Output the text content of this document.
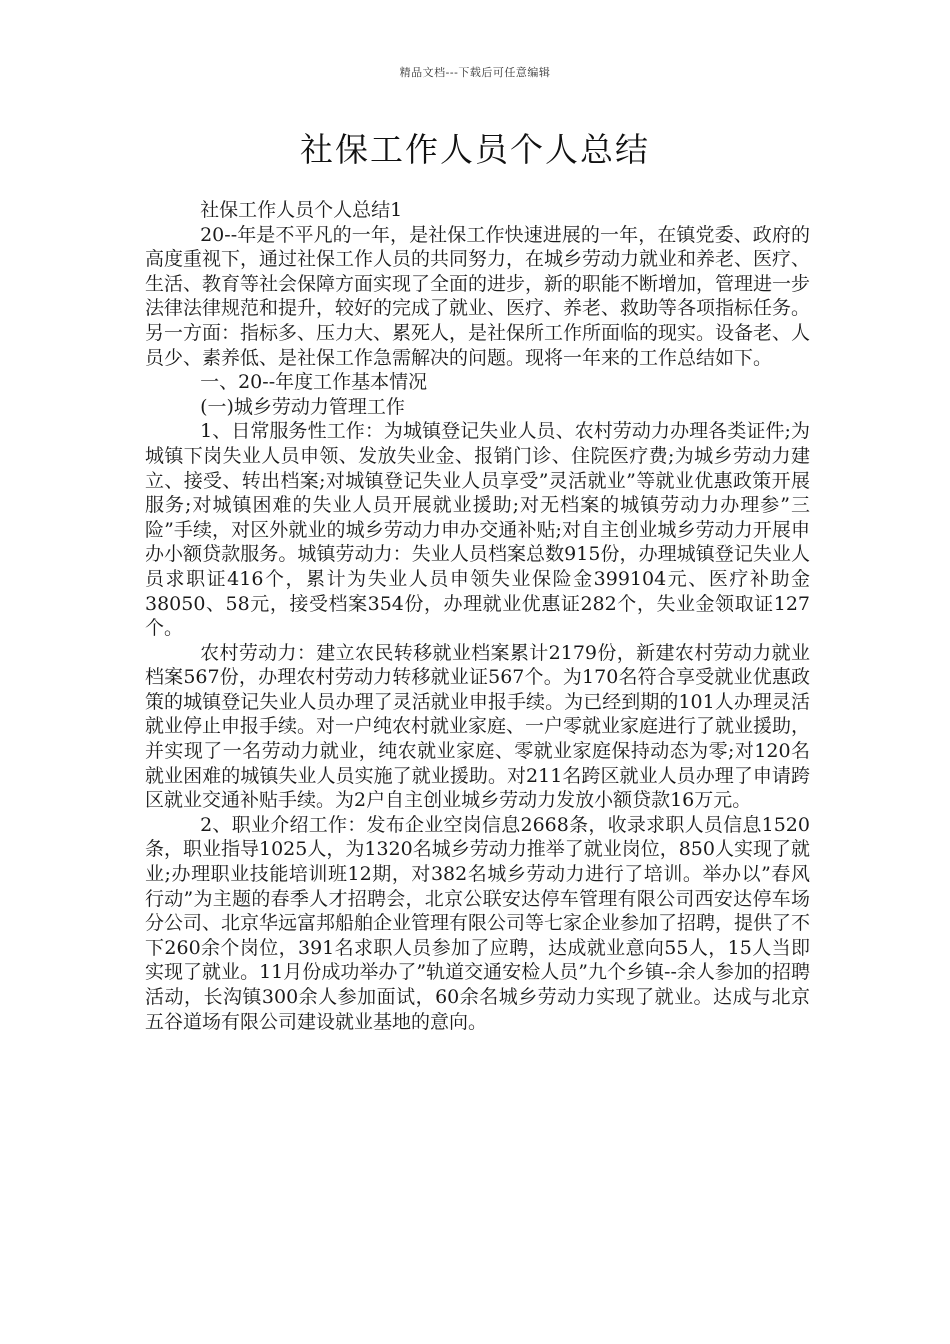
精品文档---下载后可任意编辑
社保工作人员个人总结

社保工作人员个人总结1

20--年是不平凡的一年，是社保工作快速进展的一年，在镇党委、政府的高度重视下，通过社保工作人员的共同努力，在城乡劳动力就业和养老、医疗、生活、教育等社会保障方面实现了全面的进步，新的职能不断增加，管理进一步法律法律规范和提升，较好的完成了就业、医疗、养老、救助等各项指标任务。另一方面：指标多、压力大、累死人，是社保所工作所面临的现实。设备老、人员少、素养低、是社保工作急需解决的问题。现将一年来的工作总结如下。

一、20--年度工作基本情况

(一)城乡劳动力管理工作

1、日常服务性工作：为城镇登记失业人员、农村劳动力办理各类证件;为城镇下岗失业人员申领、发放失业金、报销门诊、住院医疗费;为城乡劳动力建立、接受、转出档案;对城镇登记失业人员享受”灵活就业”等就业优惠政策开展服务;对城镇困难的失业人员开展就业援助;对无档案的城镇劳动力办理参”三险”手续，对区外就业的城乡劳动力申办交通补贴;对自主创业城乡劳动力开展申办小额贷款服务。城镇劳动力：失业人员档案总数915份，办理城镇登记失业人员求职证416个，累计为失业人员申领失业保险金399104元、医疗补助金38050、58元，接受档案354份，办理就业优惠证282个，失业金领取证127个。

农村劳动力：建立农民转移就业档案累计2179份，新建农村劳动力就业档案567份，办理农村劳动力转移就业证567个。为170名符合享受就业优惠政策的城镇登记失业人员办理了灵活就业申报手续。为已经到期的101人办理灵活就业停止申报手续。对一户纯农村就业家庭、一户零就业家庭进行了就业援助，并实现了一名劳动力就业，纯农就业家庭、零就业家庭保持动态为零;对120名就业困难的城镇失业人员实施了就业援助。对211名跨区就业人员办理了申请跨区就业交通补贴手续。为2户自主创业城乡劳动力发放小额贷款16万元。

2、职业介绍工作：发布企业空岗信息2668条，收录求职人员信息1520条，职业指导1025人，为1320名城乡劳动力推举了就业岗位，850人实现了就业;办理职业技能培训班12期，对382名城乡劳动力进行了培训。举办以”春风行动”为主题的春季人才招聘会，北京公联安达停车管理有限公司西安达停车场分公司、北京华远富邦船舶企业管理有限公司等七家企业参加了招聘，提供了不下260余个岗位，391名求职人员参加了应聘，达成就业意向55人，15人当即实现了就业。11月份成功举办了”轨道交通安检人员”九个乡镇--余人参加的招聘活动，长沟镇300余人参加面试，60余名城乡劳动力实现了就业。达成与北京五谷道场有限公司建设就业基地的意向。
